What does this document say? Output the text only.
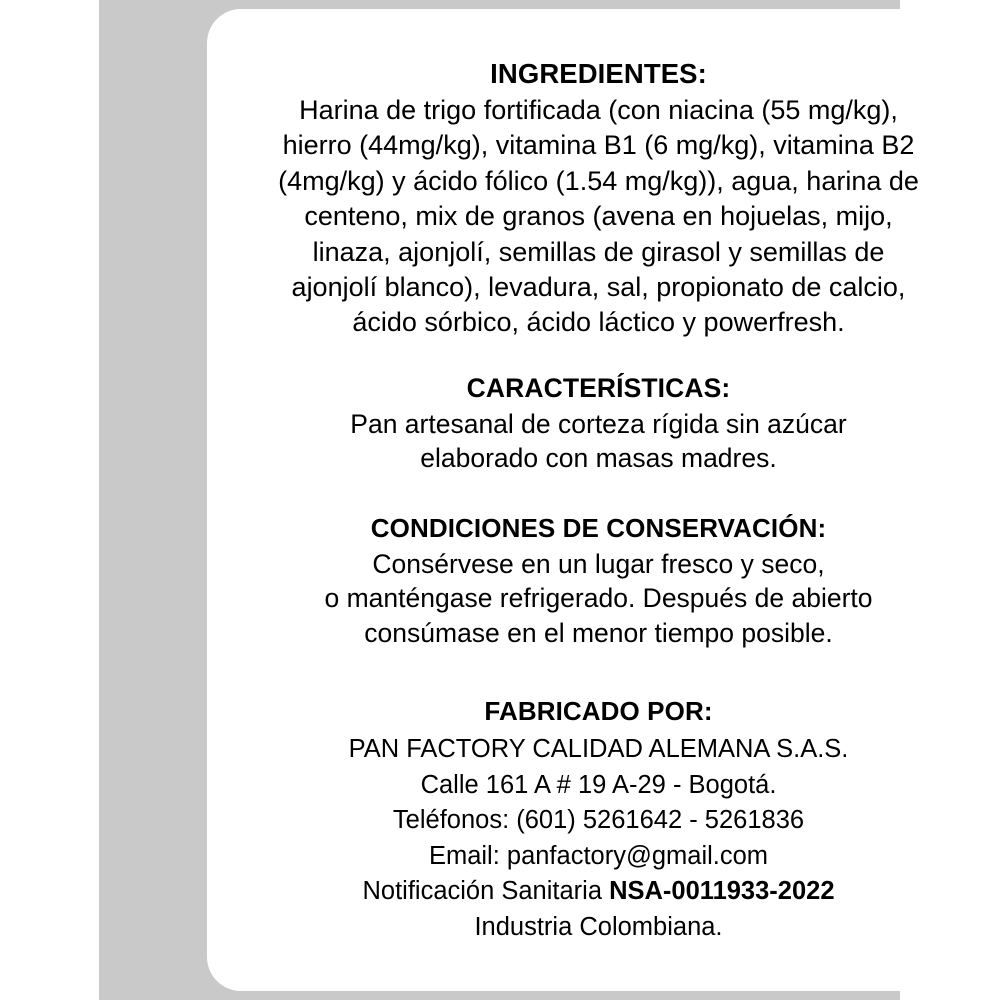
INGREDIENTES:
Harina de trigo fortificada (con niacina (55 mg/kg),
hierro (44mg/kg), vitamina B1 (6 mg/kg), vitamina B2
(4mg/kg) y ácido fólico (1.54 mg/kg)), agua, harina de
centeno, mix de granos (avena en hojuelas, mijo,
linaza, ajonjolí, semillas de girasol y semillas de
ajonjolí blanco), levadura, sal, propionato de calcio,
ácido sórbico, ácido láctico y powerfresh.
CARACTERÍSTICAS:
Pan artesanal de corteza rígida sin azúcar
elaborado con masas madres.
CONDICIONES DE CONSERVACIÓN:
Consérvese en un lugar fresco y seco,
o manténgase refrigerado. Después de abierto
consúmase en el menor tiempo posible.
FABRICADO POR:
PAN FACTORY CALIDAD ALEMANA S.A.S.
Calle 161 A # 19 A-29 - Bogotá.
Teléfonos: (601) 5261642 - 5261836
Email: panfactory@gmail.com
Notificación Sanitaria NSA-0011933-2022
Industria Colombiana.
